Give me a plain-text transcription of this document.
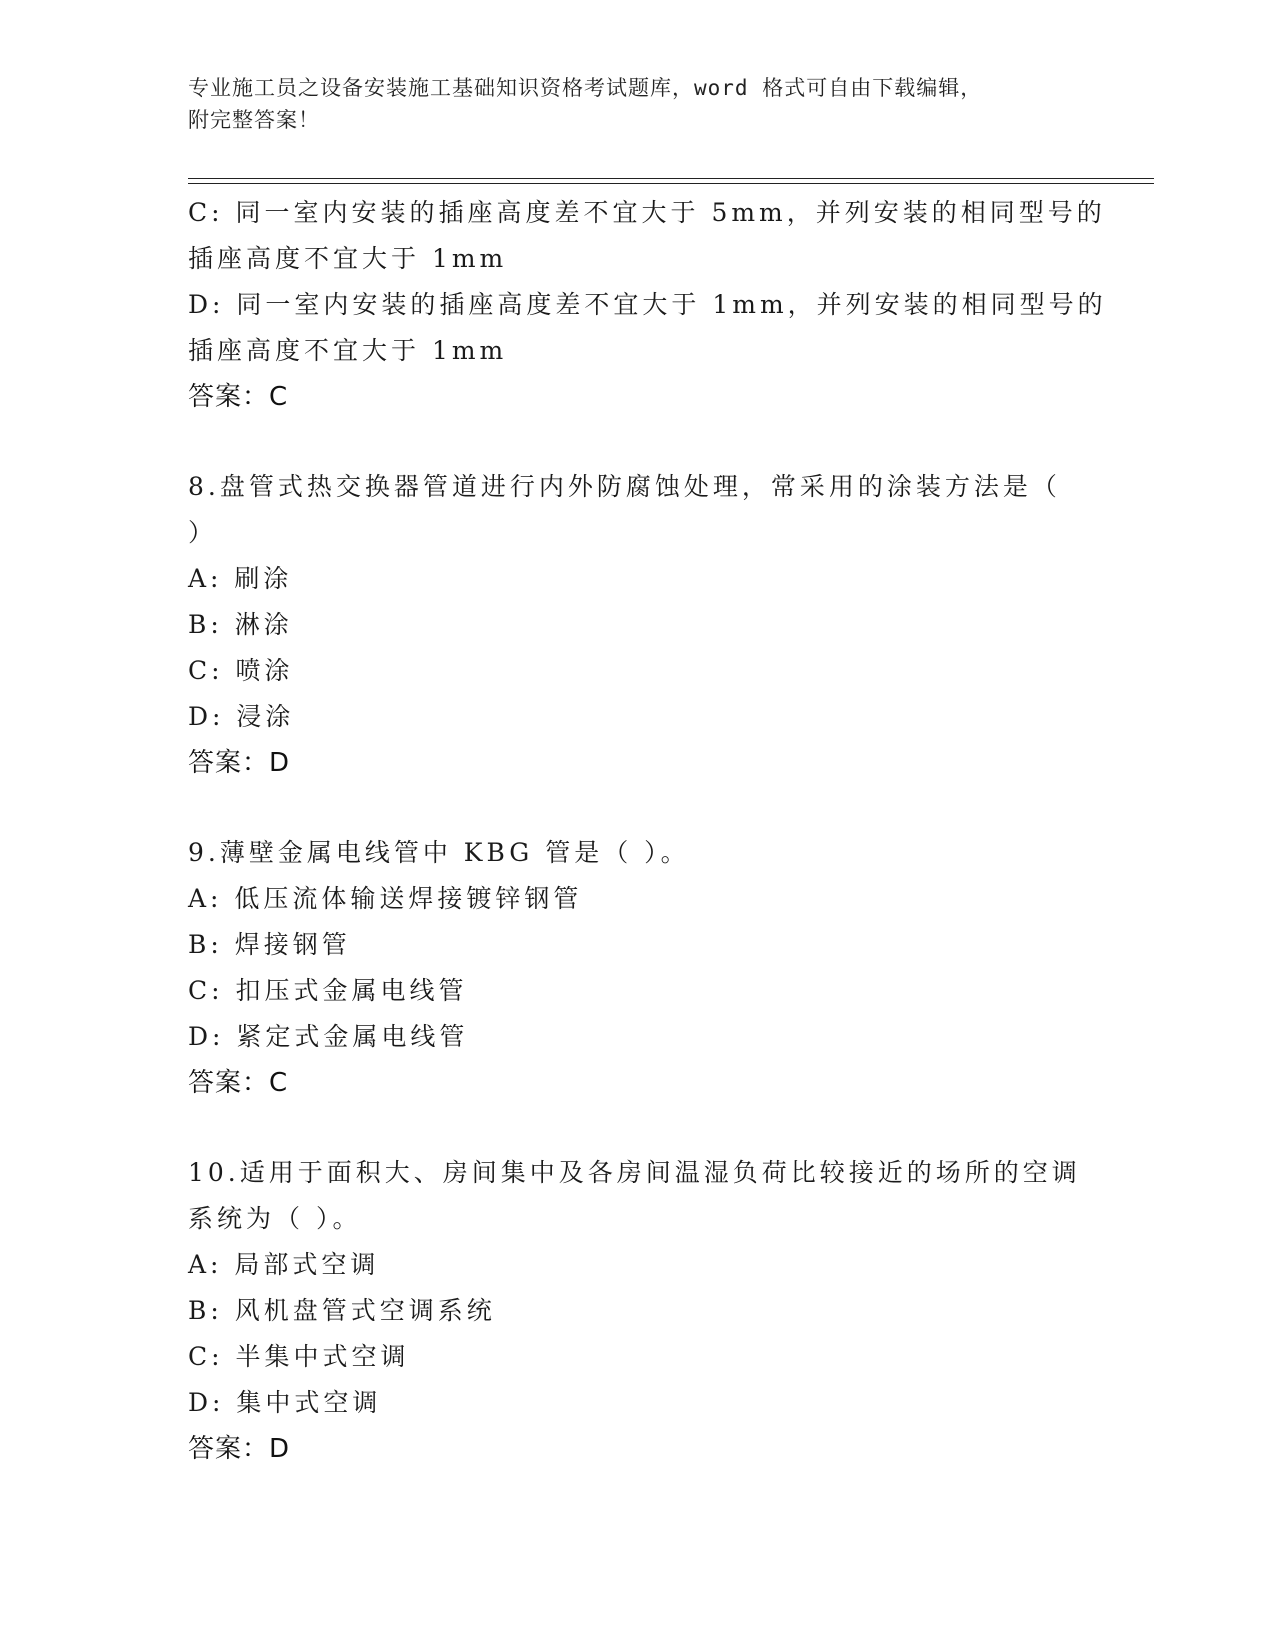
专业施工员之设备安装施工基础知识资格考试题库，word 格式可自由下载编辑，
附完整答案！
C: 同一室内安装的插座高度差不宜大于 5mm，并列安装的相同型号的
插座高度不宜大于 1mm
D: 同一室内安装的插座高度差不宜大于 1mm，并列安装的相同型号的
插座高度不宜大于 1mm
答案：C
8.盘管式热交换器管道进行内外防腐蚀处理，常采用的涂装方法是（
）
A: 刷涂
B: 淋涂
C: 喷涂
D: 浸涂
答案：D
9.薄壁金属电线管中 KBG 管是（ ）。
A: 低压流体输送焊接镀锌钢管
B: 焊接钢管
C: 扣压式金属电线管
D: 紧定式金属电线管
答案：C
10.适用于面积大、房间集中及各房间温湿负荷比较接近的场所的空调
系统为（ ）。
A: 局部式空调
B: 风机盘管式空调系统
C: 半集中式空调
D: 集中式空调
答案：D
